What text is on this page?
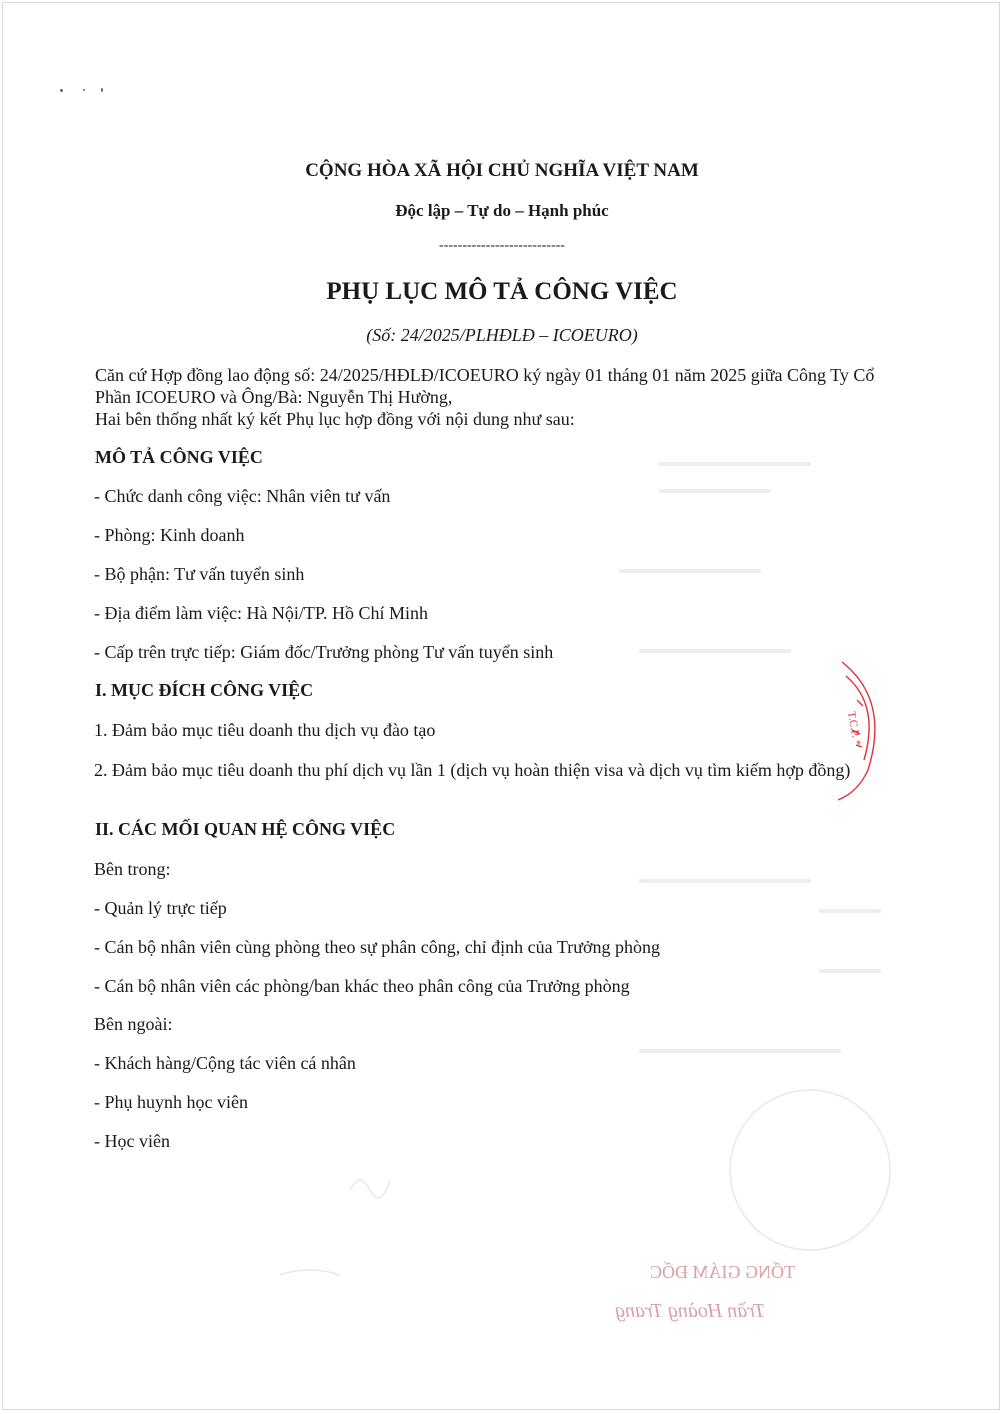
CỘNG HÒA XÃ HỘI CHỦ NGHĨA VIỆT NAM
Độc lập – Tự do – Hạnh phúc
---------------------------
PHỤ LỤC MÔ TẢ CÔNG VIỆC
(Số: 24/2025/PLHĐLĐ – ICOEURO)
Căn cứ Hợp đồng lao động số: 24/2025/HĐLĐ/ICOEURO ký ngày 01 tháng 01 năm 2025 giữa Công Ty Cổ Phần ICOEURO và Ông/Bà: Nguyễn Thị Hường,
Hai bên thống nhất ký kết Phụ lục hợp đồng với nội dung như sau:
MÔ TẢ CÔNG VIỆC
- Chức danh công việc: Nhân viên tư vấn
- Phòng: Kinh doanh
- Bộ phận: Tư vấn tuyển sinh
- Địa điểm làm việc: Hà Nội/TP. Hồ Chí Minh
- Cấp trên trực tiếp: Giám đốc/Trưởng phòng Tư vấn tuyển sinh
I. MỤC ĐÍCH CÔNG VIỆC
1. Đảm bảo mục tiêu doanh thu dịch vụ đào tạo
2. Đảm bảo mục tiêu doanh thu phí dịch vụ lần 1 (dịch vụ hoàn thiện visa và dịch vụ tìm kiếm hợp đồng)
II. CÁC MỐI QUAN HỆ CÔNG VIỆC
Bên trong:
- Quản lý trực tiếp
- Cán bộ nhân viên cùng phòng theo sự phân công, chỉ định của Trưởng phòng
- Cán bộ nhân viên các phòng/ban khác theo phân công của Trưởng phòng
Bên ngoài:
- Khách hàng/Cộng tác viên cá nhân
- Phụ huynh học viên
- Học viên
T.C.P. *
TỔNG GIÁM ĐỐC
Trần Hoàng Trang
